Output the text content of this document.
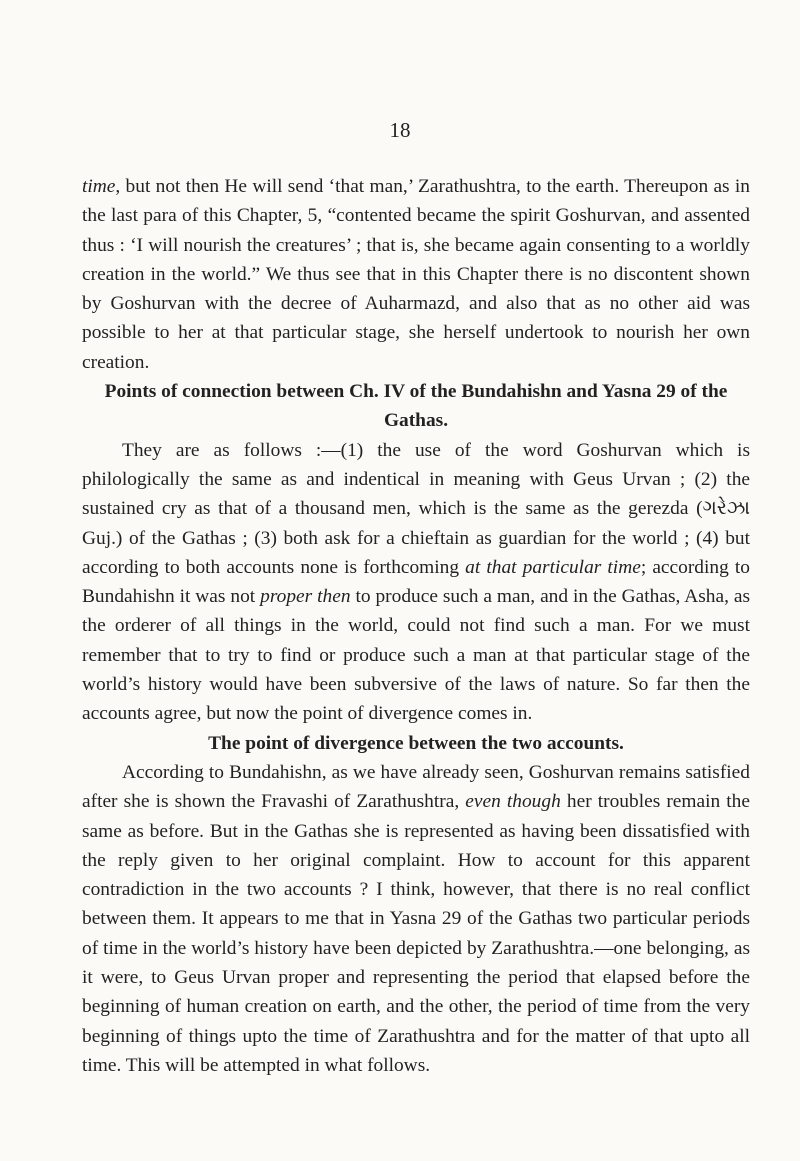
18

time, but not then He will send ‘that man,’ Zarathushtra, to the earth. Thereupon as in the last para of this Chapter, 5, “contented became the spirit Goshurvan, and assented thus : ‘I will nourish the creatures’ ; that is, she became again consenting to a worldly creation in the world.” We thus see that in this Chapter there is no discontent shown by Goshurvan with the decree of Auharmazd, and also that as no other aid was possible to her at that particular stage, she herself undertook to nourish her own creation.

Points of connection between Ch. IV of the Bundahishn and Yasna 29 of the Gathas.

They are as follows :—(1) the use of the word Goshurvan which is philologically the same as and indentical in meaning with Geus Urvan ; (2) the sustained cry as that of a thousand men, which is the same as the gerezda (ગરેઝા Guj.) of the Gathas ; (3) both ask for a chieftain as guardian for the world ; (4) but according to both accounts none is forthcoming at that particular time; according to Bundahishn it was not proper then to produce such a man, and in the Gathas, Asha, as the orderer of all things in the world, could not find such a man. For we must remember that to try to find or produce such a man at that particular stage of the world’s history would have been subversive of the laws of nature. So far then the accounts agree, but now the point of divergence comes in.

The point of divergence between the two accounts.

According to Bundahishn, as we have already seen, Goshurvan remains satisfied after she is shown the Fravashi of Zarathushtra, even though her troubles remain the same as before. But in the Gathas she is represented as having been dissatisfied with the reply given to her original complaint. How to account for this apparent contradiction in the two accounts ? I think, however, that there is no real conflict between them. It appears to me that in Yasna 29 of the Gathas two particular periods of time in the world’s history have been depicted by Zarathushtra.—one belonging, as it were, to Geus Urvan proper and representing the period that elapsed before the beginning of human creation on earth, and the other, the period of time from the very beginning of things upto the time of Zarathushtra and for the matter of that upto all time. This will be attempted in what follows.
